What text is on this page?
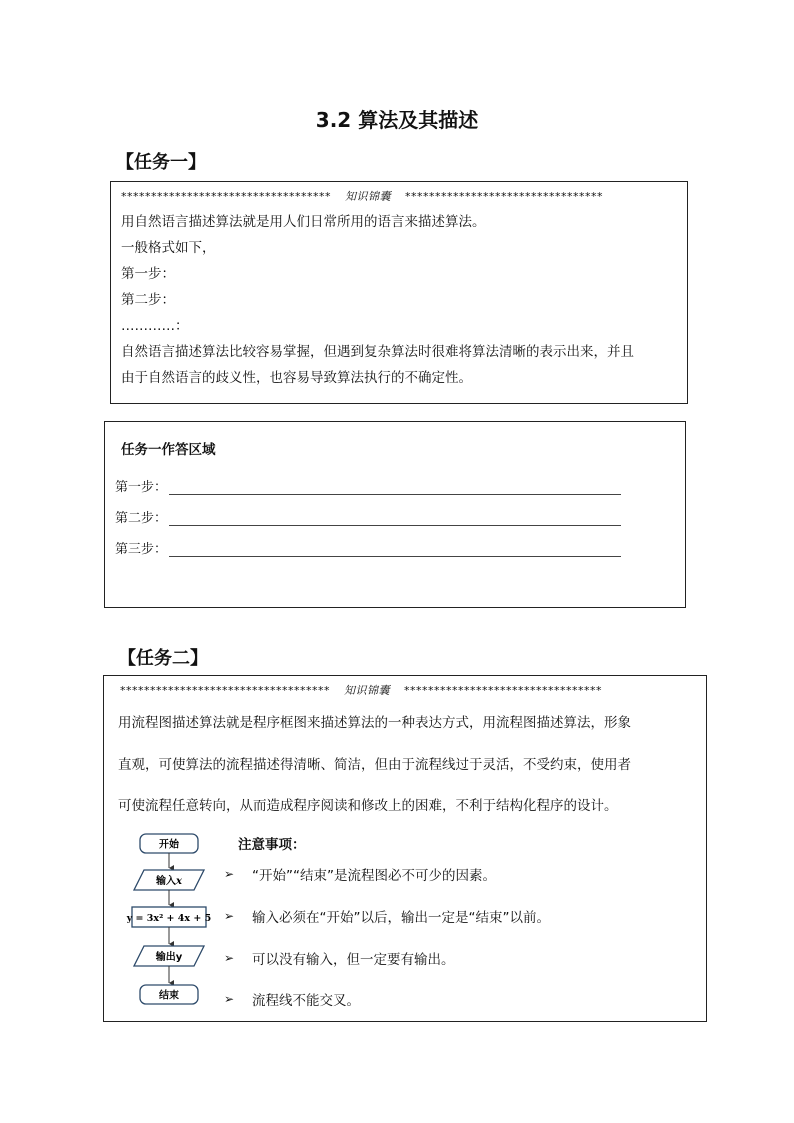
3.2 算法及其描述
【任务一】
*********************************** 知识锦囊 *********************************
用自然语言描述算法就是用人们日常所用的语言来描述算法。
一般格式如下，
第一步：
第二步：
…………：
自然语言描述算法比较容易掌握，但遇到复杂算法时很难将算法清晰的表示出来，并且
由于自然语言的歧义性，也容易导致算法执行的不确定性。
任务一作答区域
第一步：
第二步：
第三步：
【任务二】
*********************************** 知识锦囊 *********************************
用流程图描述算法就是程序框图来描述算法的一种表达方式，用流程图描述算法，形象
直观，可使算法的流程描述得清晰、简洁，但由于流程线过于灵活，不受约束，使用者
可使流程任意转向，从而造成程序阅读和修改上的困难，不利于结构化程序的设计。
开始
输入x
y = 3x² + 4x + 5
输出y
结束
注意事项：
➢	“开始”“结束”是流程图必不可少的因素。
➢	输入必须在“开始”以后，输出一定是“结束”以前。
➢	可以没有输入，但一定要有输出。
➢	流程线不能交叉。
